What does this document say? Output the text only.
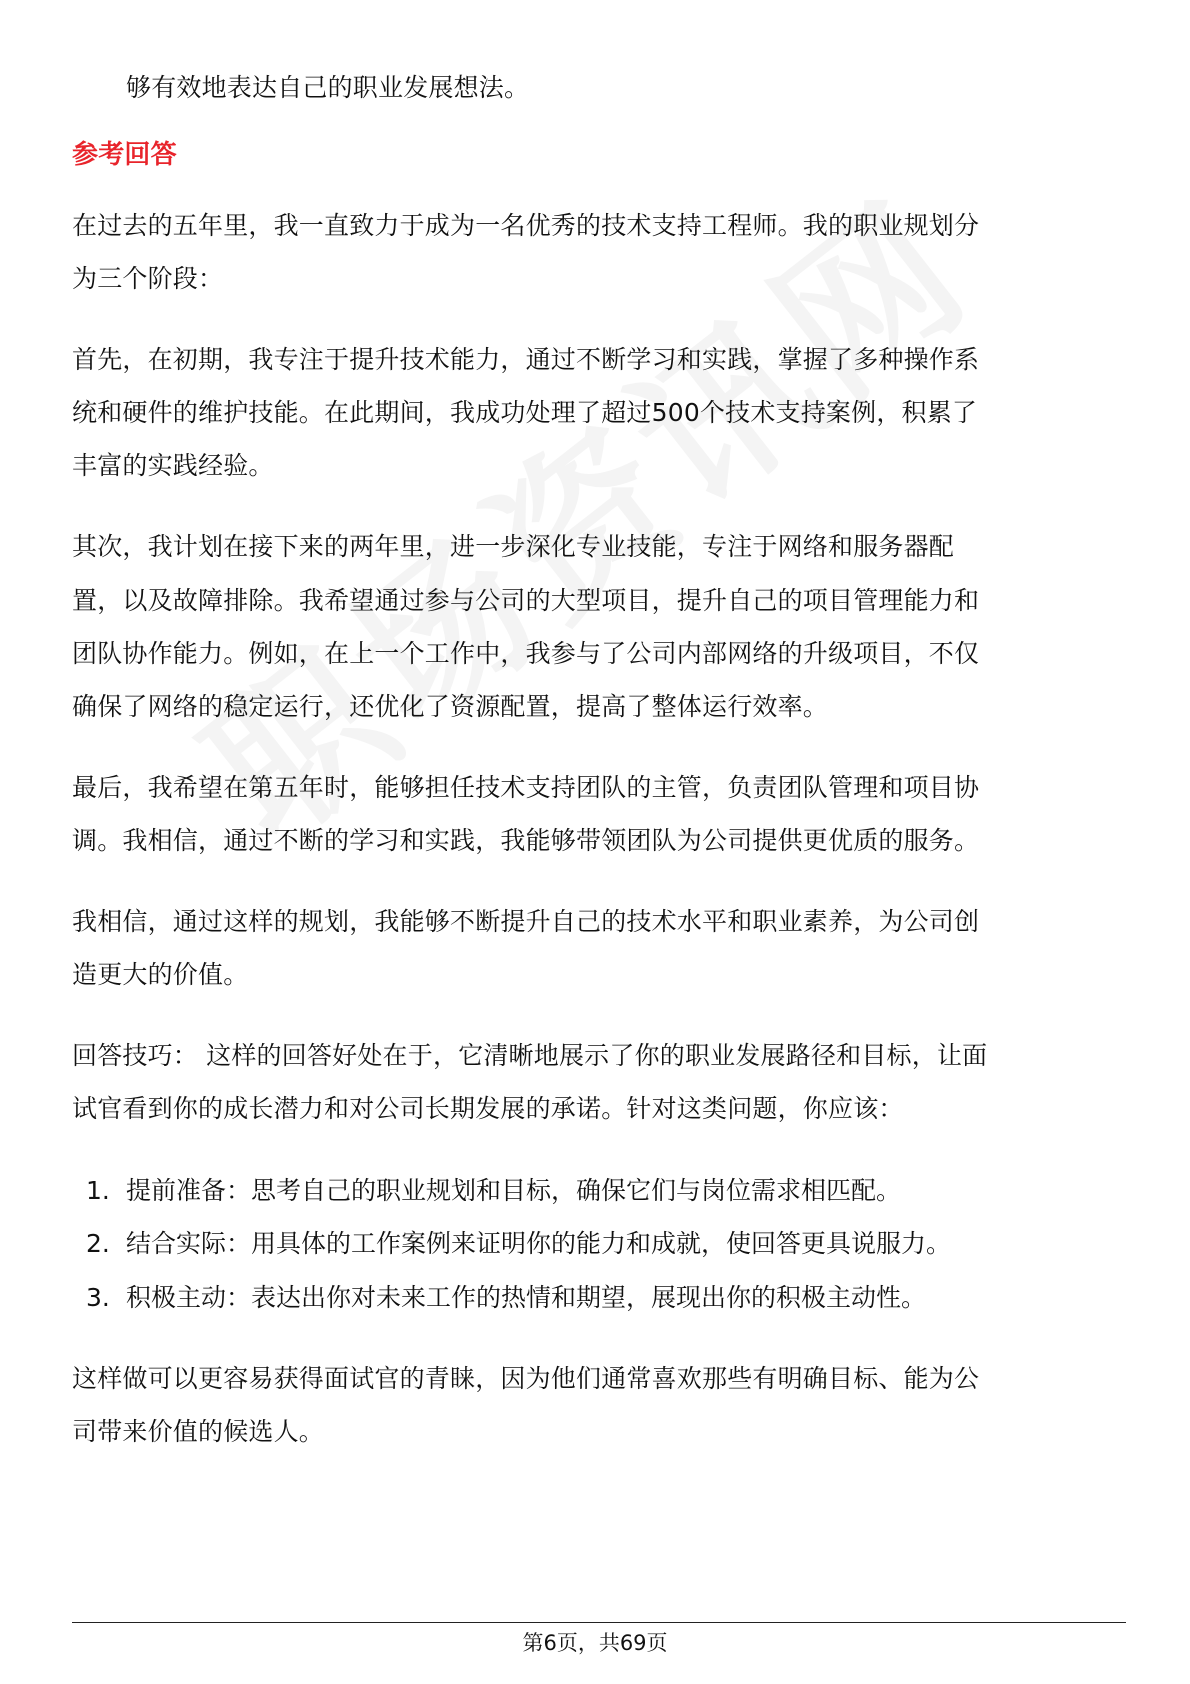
够有效地表达自己的职业发展想法。
参考回答
在过去的五年里，我一直致力于成为一名优秀的技术支持工程师。我的职业规划分
为三个阶段：
首先，在初期，我专注于提升技术能力，通过不断学习和实践，掌握了多种操作系
统和硬件的维护技能。在此期间，我成功处理了超过500个技术支持案例，积累了
丰富的实践经验。
其次，我计划在接下来的两年里，进一步深化专业技能，专注于网络和服务器配
置，以及故障排除。我希望通过参与公司的大型项目，提升自己的项目管理能力和
团队协作能力。例如，在上一个工作中，我参与了公司内部网络的升级项目，不仅
确保了网络的稳定运行，还优化了资源配置，提高了整体运行效率。
最后，我希望在第五年时，能够担任技术支持团队的主管，负责团队管理和项目协
调。我相信，通过不断的学习和实践，我能够带领团队为公司提供更优质的服务。
我相信，通过这样的规划，我能够不断提升自己的技术水平和职业素养，为公司创
造更大的价值。
回答技巧： 这样的回答好处在于，它清晰地展示了你的职业发展路径和目标，让面
试官看到你的成长潜力和对公司长期发展的承诺。针对这类问题，你应该：
1. 提前准备：思考自己的职业规划和目标，确保它们与岗位需求相匹配。
2. 结合实际：用具体的工作案例来证明你的能力和成就，使回答更具说服力。
3. 积极主动：表达出你对未来工作的热情和期望，展现出你的积极主动性。
这样做可以更容易获得面试官的青睐，因为他们通常喜欢那些有明确目标、能为公
司带来价值的候选人。
第6页，共69页
